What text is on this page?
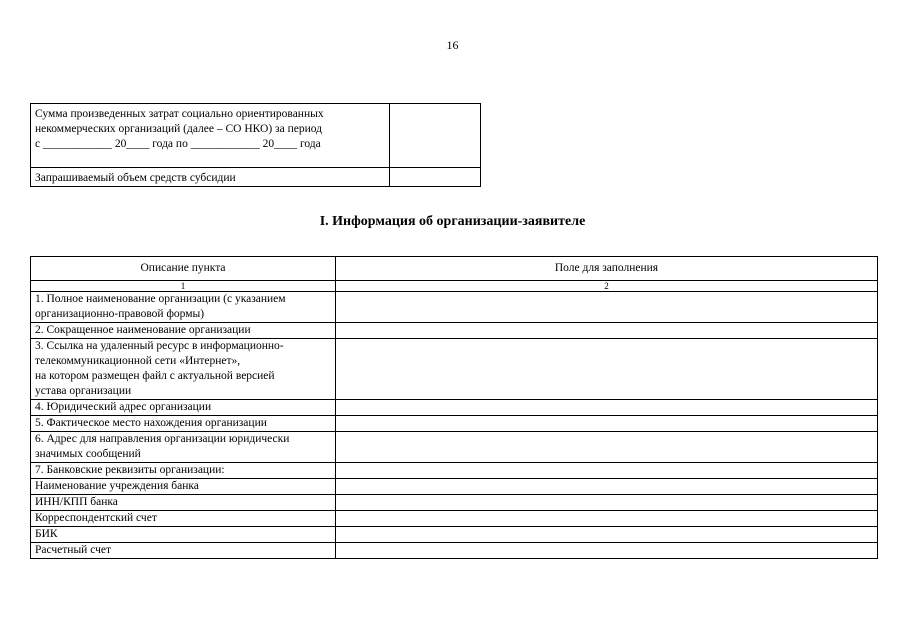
16
Сумма произведенных затрат социально ориентированных
некоммерческих организаций (далее – СО НКО) за период
с ____________ 20____ года по ____________ 20____ года	

Запрашиваемый объем средств субсидии	

I. Информация об организации-заявителе
Описание пункта	Поле для заполнения
1	2

1. Полное наименование организации (с указанием
организационно-правовой формы)	

2. Сокращенное наименование организации	

3. Ссылка на удаленный ресурс в информационно-
телекоммуникационной сети «Интернет»,
на котором размещен файл с актуальной версией
устава организации	

4. Юридический адрес организации	

5. Фактическое место нахождения организации	

6. Адрес для направления организации юридически
значимых сообщений	

7. Банковские реквизиты организации:	

Наименование учреждения банка	

ИНН/КПП банка	

Корреспондентский счет	

БИК	

Расчетный счет	
